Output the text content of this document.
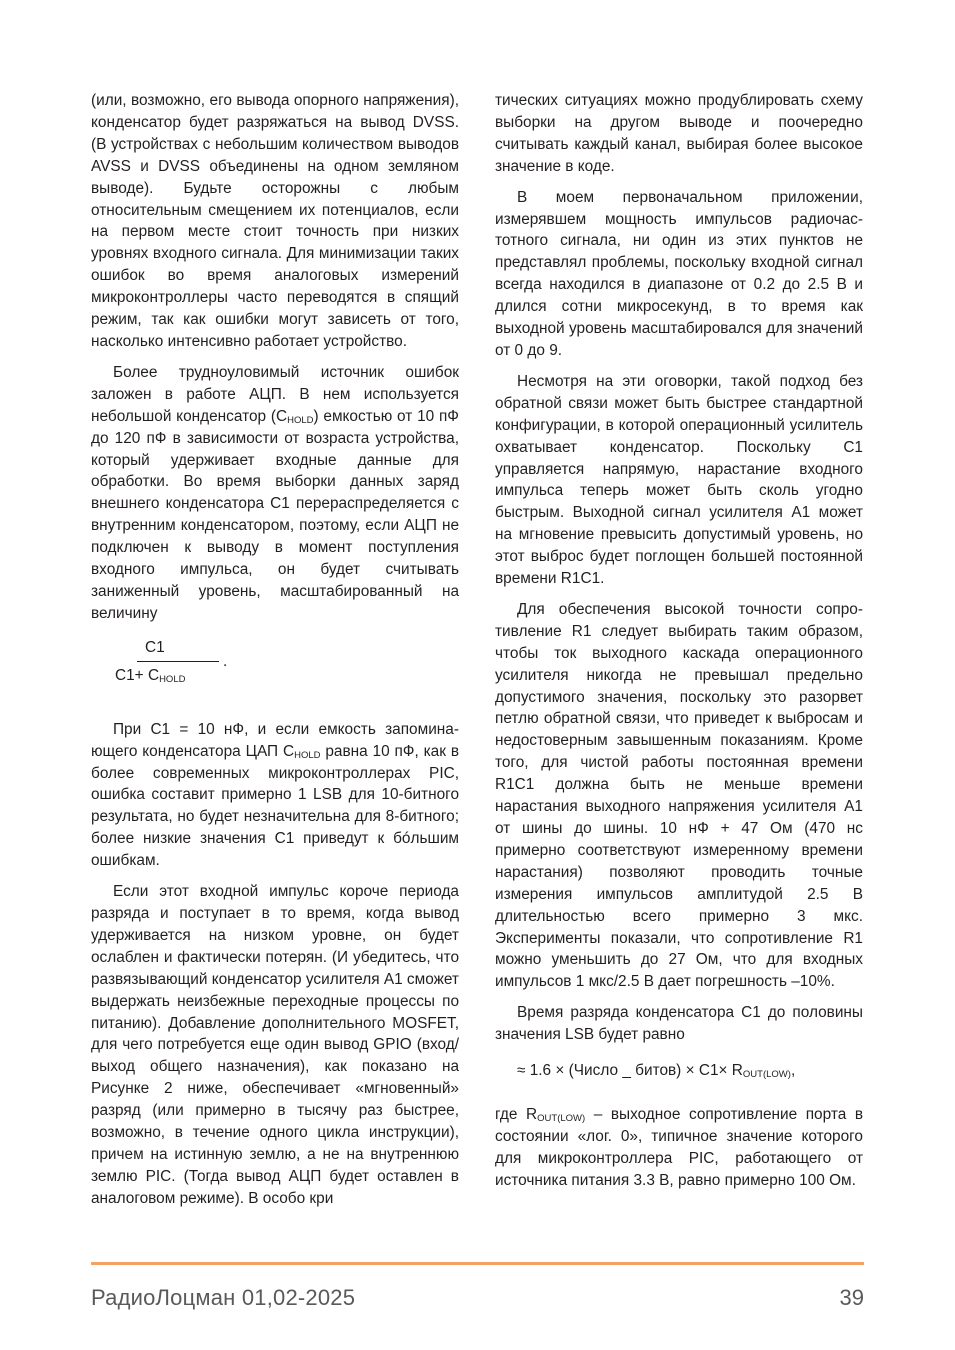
(или, возможно, его вывода опорного напряжения), конденсатор будет разряжаться на вывод DVSS. (В устройствах с небольшим количеством выводов AVSS и DVSS объединены на одном земляном выводе). Будьте осторожны с любым относительным смещением их потенциалов, если на первом месте стоит точность при низких уровнях входного сигнала. Для минимизации таких ошибок во время аналоговых измерений микроконтроллеры часто переводятся в спящий режим, так как ошибки могут зависеть от того, насколько интенсивно работает устройство.

Более трудноуловимый источник ошибок заложен в работе АЦП. В нем используется небольшой конденсатор $(C_{HOLD})$ емкостью от 10 пФ до 120 пФ в зависимости от возраста устройства, который удерживает входные данные для обработки. Во время выборки данных заряд внешнего конденсатора C1 перераспределяется с внутренним конденсатором, поэтому, если АЦП не подключен к выводу в момент поступления входного импульса, он будет считывать заниженный уровень, масштабированный на величину

C1
$C1+ C_{HOLD}$
.

При C1 = 10 нФ, и если емкость запоминающего конденсатора ЦАП $C_{HOLD}$ равна 10 пФ, как в более современных микроконтроллерах PIC, ошибка составит примерно 1 LSB для 10-битного результата, но будет незначительна для 8-битного; более низкие значения C1 приведут к бóльшим ошибкам.

Если этот входной импульс короче периода разряда и поступает в то время, когда вывод удерживается на низком уровне, он будет ослаблен и фактически потерян. (И убедитесь, что развязывающий конденсатор усилителя A1 сможет выдержать неизбежные переходные процессы по питанию). Добавление дополнительного MOSFET, для чего потребуется еще один вывод GPIO (вход/выход общего назначения), как показано на Рисунке 2 ниже, обеспечивает «мгновенный» разряд (или примерно в тысячу раз быстрее, возможно, в течение одного цикла инструкции), причем на истинную землю, а не на внутреннюю землю PIC. (Тогда вывод АЦП будет оставлен в аналоговом режиме). В особо кри

тических ситуациях можно продублировать схему выборки на другом выводе и поочередно считывать каждый канал, выбирая более высокое значение в коде.

В моем первоначальном приложении, измерявшем мощность импульсов радиочастотного сигнала, ни один из этих пунктов не представлял проблемы, поскольку входной сигнал всегда находился в диапазоне от 0.2 до 2.5 В и длился сотни микросекунд, в то время как выходной уровень масштабировался для значений от 0 до 9.

Несмотря на эти оговорки, такой подход без обратной связи может быть быстрее стандартной конфигурации, в которой операционный усилитель охватывает конденсатор. Поскольку C1 управляется напрямую, нарастание входного импульса теперь может быть сколь угодно быстрым. Выходной сигнал усилителя A1 может на мгновение превысить допустимый уровень, но этот выброс будет поглощен большей постоянной времени R1C1.

Для обеспечения высокой точности сопротивление R1 следует выбирать таким образом, чтобы ток выходного каскада операционного усилителя никогда не превышал предельно допустимого значения, поскольку это разорвет петлю обратной связи, что приведет к выбросам и недостоверным завышенным показаниям. Кроме того, для чистой работы постоянная времени R1C1 должна быть не меньше времени нарастания выходного напряжения усилителя A1 от шины до шины. 10 нФ + 47 Ом (470 нс примерно соответствуют измеренному времени нарастания) позволяют проводить точные измерения импульсов амплитудой 2.5 В длительностью всего примерно 3 мкс. Эксперименты показали, что сопротивление R1 можно уменьшить до 27 Ом, что для входных импульсов 1 мкс/2.5 В дает погрешность –10%.

Время разряда конденсатора C1 до половины значения LSB будет равно

≈ 1.6 × (Число _ битов) × $C1\times R_{OUT(LOW)}$,

где $R_{OUT(LOW)}$ – выходное сопротивление порта в состоянии «лог. 0», типичное значение которого для микроконтроллера PIC, работающего от источника питания 3.3 В, равно примерно 100 Ом.

РадиоЛоцман 01,02-2025	39
